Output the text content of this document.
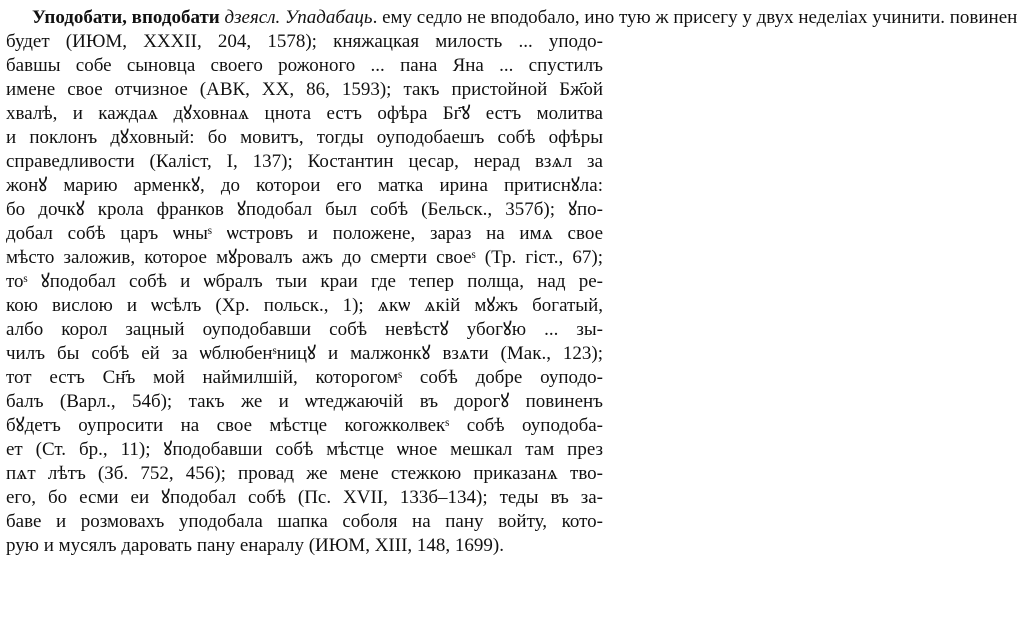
Уподобати, вподобати дзеясл. Упадабаць. ему седло не вподобало, ино тую ж присегу у двух неделіах учинити. повинен
будет (ИЮМ, XXXII, 204, 1578); княжацкая милость ... уподо-
бавшы собе сыновца своего рожоного ... пана Яна ... спустилъ
имене свое отчизное (АВК, XX, 86, 1593); такъ пристойной Бж҃ой
хвалѣ, и каждаѧ дꙋховнаѧ цнота естъ офѣра Бг҃ꙋ естъ молитва
и поклонъ дꙋховный: бо мовитъ, тогды оуподобаешъ собѣ офѣры
справедливости (Каліст, I, 137); Костантин цесар, нерад взѧл за
жонꙋ марию арменкꙋ, до которои его матка ирина притиснꙋла:
бо дочкꙋ крола франков ꙋподобал был собѣ (Бельск., 357б); ꙋпо-
добал собѣ царъ ѡныˢ ѡстровъ и положене, зараз на имѧ свое
мѣсто заложив, которое мꙋровалъ ажъ до смерти своеˢ (Тр. гіст., 67);
тоˢ ꙋподобал собѣ и ѡбралъ тыи краи где тепер полща, над ре-
кою вислою и ѡсѣлъ (Хр. польск., 1); ѧкѡ ѧкій мꙋжъ богатый,
албо корол зацный оуподобавши собѣ невѣстꙋ убогꙋю ... зы-
чилъ бы собѣ ей за ѡблюбенˢницꙋ и малжонкꙋ взѧти (Мак., 123);
тот естъ Сн҃ъ мой наймилшій, которогомˢ собѣ добре оуподо-
балъ (Варл., 54б); такъ же и ѡтеджаючій въ дорогꙋ повиненъ
бꙋдетъ оупросити на свое мѣстце когожколвекˢ собѣ оуподоба-
ет (Ст. бр., 11); ꙋподобавши собѣ мѣстце ѡное мешкал там през
пѧт лѣтъ (Зб. 752, 456); провад же мене стежкою приказанѧ тво-
его, бо есми еи ꙋподобал собѣ (Пс. XVII, 133б–134); теды въ за-
баве и розмовахъ уподобала шапка соболя на пану войту, кото-
рую и мусялъ даровать пану енаралу (ИЮМ, XIII, 148, 1699).
